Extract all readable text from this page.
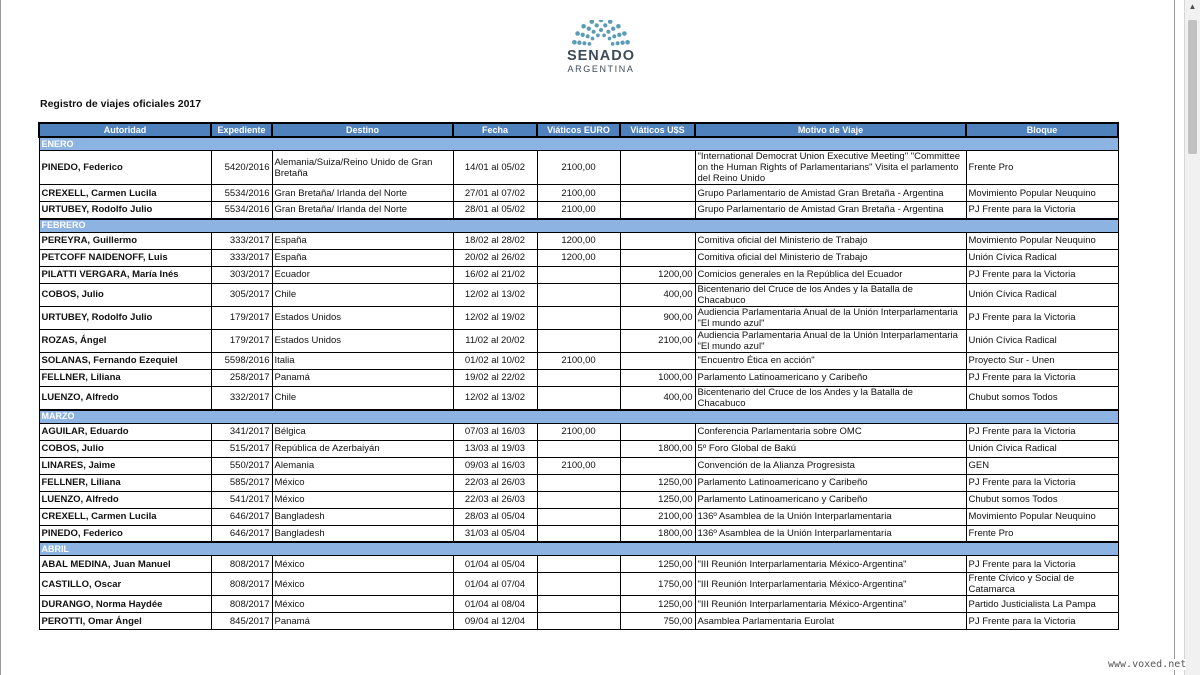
▲
SENADO
ARGENTINA
Registro de viajes oficiales 2017
Autoridad	Expediente	Destino	Fecha	Viáticos EURO	Viáticos U$S	Motivo de Viaje	Bloque
ENERO							
PINEDO, Federico	5420/2016	Alemania/Suiza/Reino Unido de Gran Bretaña	14/01 al 05/02	2100,00		"International Democrat Union Executive Meeting" "Committee on the Human Rights of Parlamentarians" Visita el parlamento del Reino Unido	Frente Pro
CREXELL, Carmen Lucila	5534/2016	Gran Bretaña/ Irlanda del Norte	27/01 al 07/02	2100,00		Grupo Parlamentario de Amistad Gran Bretaña - Argentina	Movimiento Popular Neuquino
URTUBEY, Rodolfo Julio	5534/2016	Gran Bretaña/ Irlanda del Norte	28/01 al 05/02	2100,00		Grupo Parlamentario de Amistad Gran Bretaña - Argentina	PJ Frente para la Victoria
FEBRERO							
PEREYRA, Guillermo	333/2017	España	18/02 al 28/02	1200,00		Comitiva oficial del Ministerio de Trabajo	Movimiento Popular Neuquino
PETCOFF NAIDENOFF, Luis	333/2017	España	20/02 al 26/02	1200,00		Comitiva oficial del Ministerio de Trabajo	Unión Cívica Radical
PILATTI VERGARA, María Inés	303/2017	Ecuador	16/02 al 21/02		1200,00	Comicios generales en la República del Ecuador	PJ Frente para la Victoria
COBOS, Julio	305/2017	Chile	12/02 al 13/02		400,00	Bicentenario del Cruce de los Andes y la Batalla de Chacabuco	Unión Cívica Radical
URTUBEY, Rodolfo Julio	179/2017	Estados Unidos	12/02 al 19/02		900,00	Audiencia Parlamentaria Anual de la Unión Interparlamentaria "El mundo azul"	PJ Frente para la Victoria
ROZAS, Ángel	179/2017	Estados Unidos	11/02 al 20/02		2100,00	Audiencia Parlamentaria Anual de la Unión Interparlamentaria "El mundo azul"	Unión Cívica Radical
SOLANAS, Fernando Ezequiel	5598/2016	Italia	01/02 al 10/02	2100,00		"Encuentro Ética en acción"	Proyecto Sur - Unen
FELLNER, Liliana	258/2017	Panamá	19/02 al 22/02		1000,00	Parlamento Latinoamericano y Caribeño	PJ Frente para la Victoria
LUENZO, Alfredo	332/2017	Chile	12/02 al 13/02		400,00	Bicentenario del Cruce de los Andes y la Batalla de Chacabuco	Chubut somos Todos
MARZO							
AGUILAR, Eduardo	341/2017	Bélgica	07/03 al 16/03	2100,00		Conferencia Parlamentaria sobre OMC	PJ Frente para la Victoria
COBOS, Julio	515/2017	República de Azerbaiyán	13/03 al 19/03		1800,00	5º Foro Global de Bakú	Unión Cívica Radical
LINARES, Jaime	550/2017	Alemania	09/03 al 16/03	2100,00		Convención de la Alianza Progresista	GEN
FELLNER, Liliana	585/2017	México	22/03 al 26/03		1250,00	Parlamento Latinoamericano y Caribeño	PJ Frente para la Victoria
LUENZO, Alfredo	541/2017	México	22/03 al 26/03		1250,00	Parlamento Latinoamericano y Caribeño	Chubut somos Todos
CREXELL, Carmen Lucila	646/2017	Bangladesh	28/03 al 05/04		2100,00	136º Asamblea de la Unión Interparlamentaria	Movimiento Popular Neuquino
PINEDO, Federico	646/2017	Bangladesh	31/03 al 05/04		1800,00	136º Asamblea de la Unión Interparlamentaria	Frente Pro
ABRIL							
ABAL MEDINA, Juan Manuel	808/2017	México	01/04 al 05/04		1250,00	"III Reunión Interparlamentaria México-Argentina"	PJ Frente para la Victoria
CASTILLO, Oscar	808/2017	México	01/04 al 07/04		1750,00	"III Reunión Interparlamentaria México-Argentina"	Frente Cívico y Social de Catamarca
DURANGO, Norma Haydée	808/2017	México	01/04 al 08/04		1250,00	"III Reunión Interparlamentaria México-Argentina"	Partido Justicialista La Pampa
PEROTTI, Omar Ángel	845/2017	Panamá	09/04 al 12/04		750,00	Asamblea Parlamentaria Eurolat	PJ Frente para la Victoria
www.voxed.net
